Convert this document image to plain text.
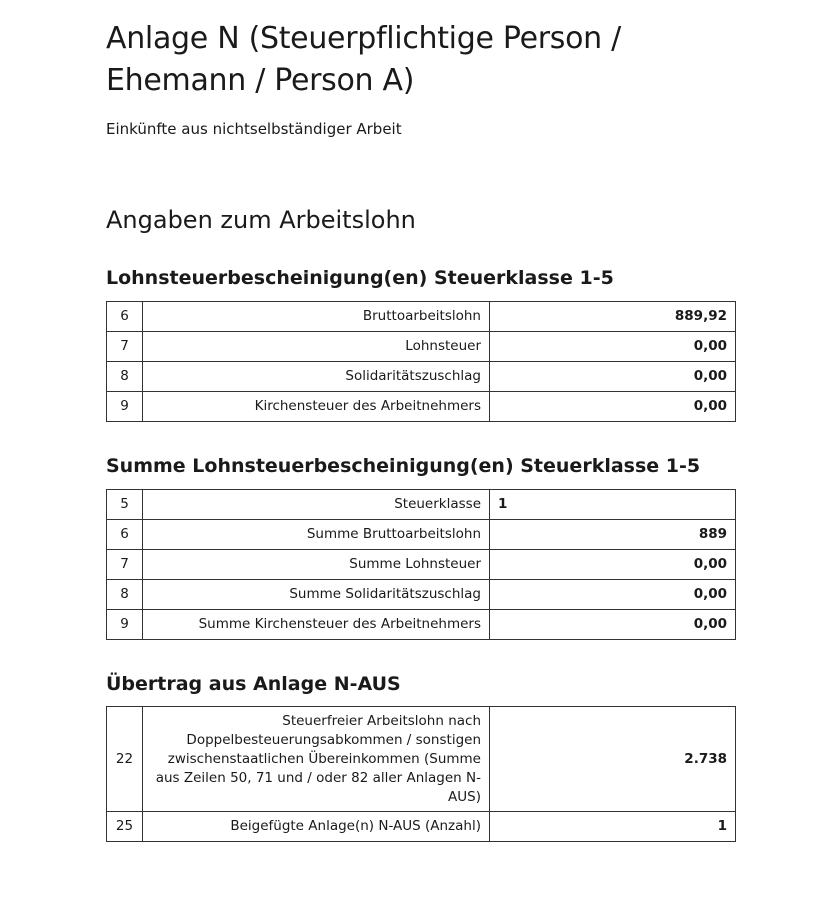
Anlage N (Steuerpflichtige Person / Ehemann / Person A)
Einkünfte aus nichtselbständiger Arbeit
Angaben zum Arbeitslohn
Lohnsteuerbescheinigung(en) Steuerklasse 1-5
6	Bruttoarbeitslohn	889,92
7	Lohnsteuer	0,00
8	Solidaritätszuschlag	0,00
9	Kirchensteuer des Arbeitnehmers	0,00
Summe Lohnsteuerbescheinigung(en) Steuerklasse 1-5
5	Steuerklasse	1
6	Summe Bruttoarbeitslohn	889
7	Summe Lohnsteuer	0,00
8	Summe Solidaritätszuschlag	0,00
9	Summe Kirchensteuer des Arbeitnehmers	0,00
Übertrag aus Anlage N-AUS
22	Steuerfreier Arbeitslohn nach Doppelbesteuerungsabkommen / sonstigen zwischenstaatlichen Übereinkommen (Summe aus Zeilen 50, 71 und / oder 82 aller Anlagen N-AUS)	2.738
25	Beigefügte Anlage(n) N-AUS (Anzahl)	1
